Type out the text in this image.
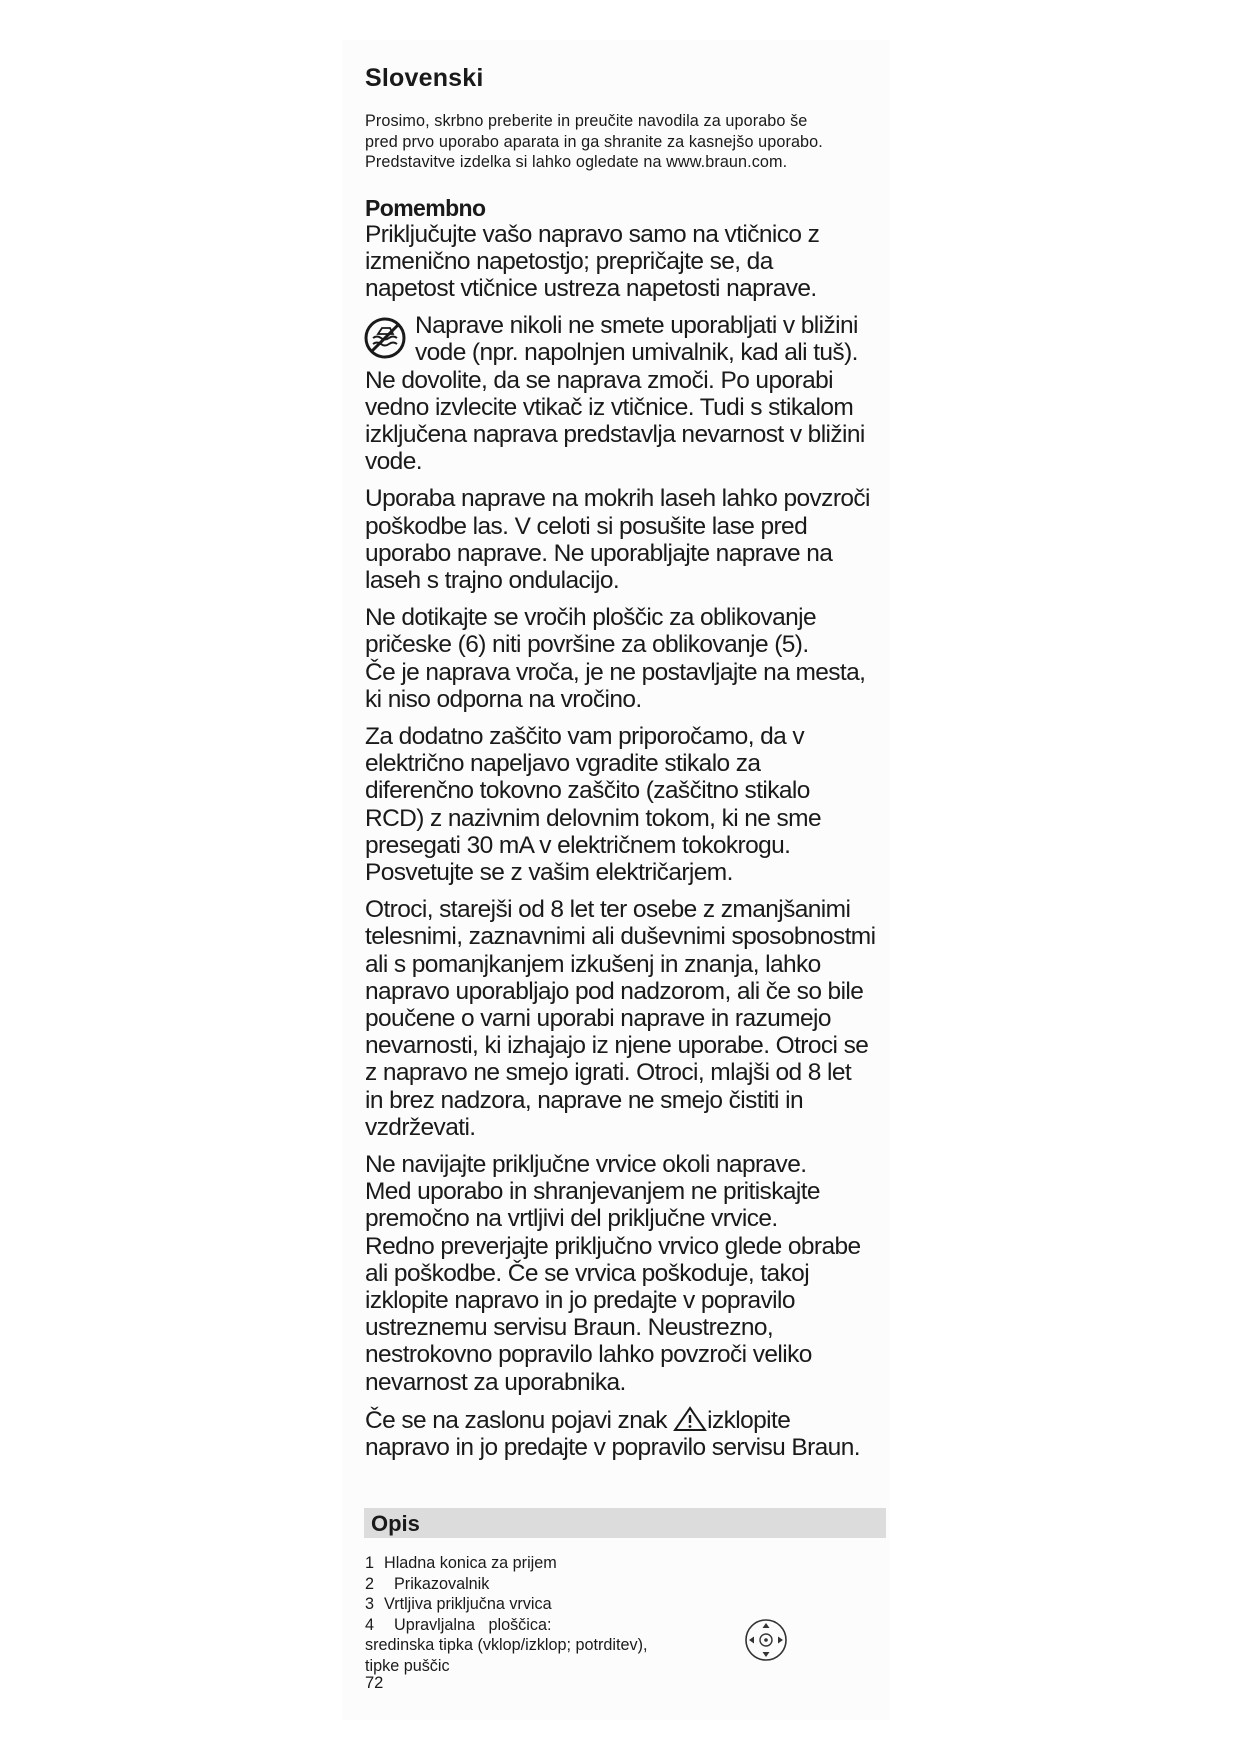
Slovenski
Prosimo, skrbno preberite in preučite navodila za uporabo še
pred prvo uporabo aparata in ga shranite za kasnejšo uporabo.
Predstavitve izdelka si lahko ogledate na www.braun.com.
Pomembno
Priključujte vašo napravo samo na vtičnico z
izmenično napetostjo; prepričajte se, da
napetost vtičnice ustreza napetosti naprave.
Naprave nikoli ne smete uporabljati v bližini
vode (npr. napolnjen umivalnik, kad ali tuš).
Ne dovolite, da se naprava zmoči. Po uporabi
vedno izvlecite vtikač iz vtičnice. Tudi s stikalom
izključena naprava predstavlja nevarnost v bližini
vode.
Uporaba naprave na mokrih laseh lahko povzroči
poškodbe las. V celoti si posušite lase pred
uporabo naprave. Ne uporabljajte naprave na
laseh s trajno ondulacijo.
Ne dotikajte se vročih ploščic za oblikovanje
pričeske (6) niti površine za oblikovanje (5).
Če je naprava vroča, je ne postavljajte na mesta,
ki niso odporna na vročino.
Za dodatno zaščito vam priporočamo, da v
električno napeljavo vgradite stikalo za
diferenčno tokovno zaščito (zaščitno stikalo
RCD) z nazivnim delovnim tokom, ki ne sme
presegati 30 mA v električnem tokokrogu.
Posvetujte se z vašim električarjem.
Otroci, starejši od 8 let ter osebe z zmanjšanimi
telesnimi, zaznavnimi ali duševnimi sposobnostmi
ali s pomanjkanjem izkušenj in znanja, lahko
napravo uporabljajo pod nadzorom, ali če so bile
poučene o varni uporabi naprave in razumejo
nevarnosti, ki izhajajo iz njene uporabe. Otroci se
z napravo ne smejo igrati. Otroci, mlajši od 8 let
in brez nadzora, naprave ne smejo čistiti in
vzdrževati.
Ne navijajte priključne vrvice okoli naprave.
Med uporabo in shranjevanjem ne pritiskajte
premočno na vrtljivi del priključne vrvice.
Redno preverjajte priključno vrvico glede obrabe
ali poškodbe. Če se vrvica poškoduje, takoj
izklopite napravo in jo predajte v popravilo
ustreznemu servisu Braun. Neustrezno,
nestrokovno popravilo lahko povzroči veliko
nevarnost za uporabnika.
Če se na zaslonu pojavi znak izklopite
napravo in jo predajte v popravilo servisu Braun.
Opis
1 Hladna konica za prijem
2	Prikazovalnik
3 Vrtljiva priključna vrvica
4	Upravljalna   ploščica:
sredinska tipka (vklop/izklop; potrditev),
tipke puščic
72
